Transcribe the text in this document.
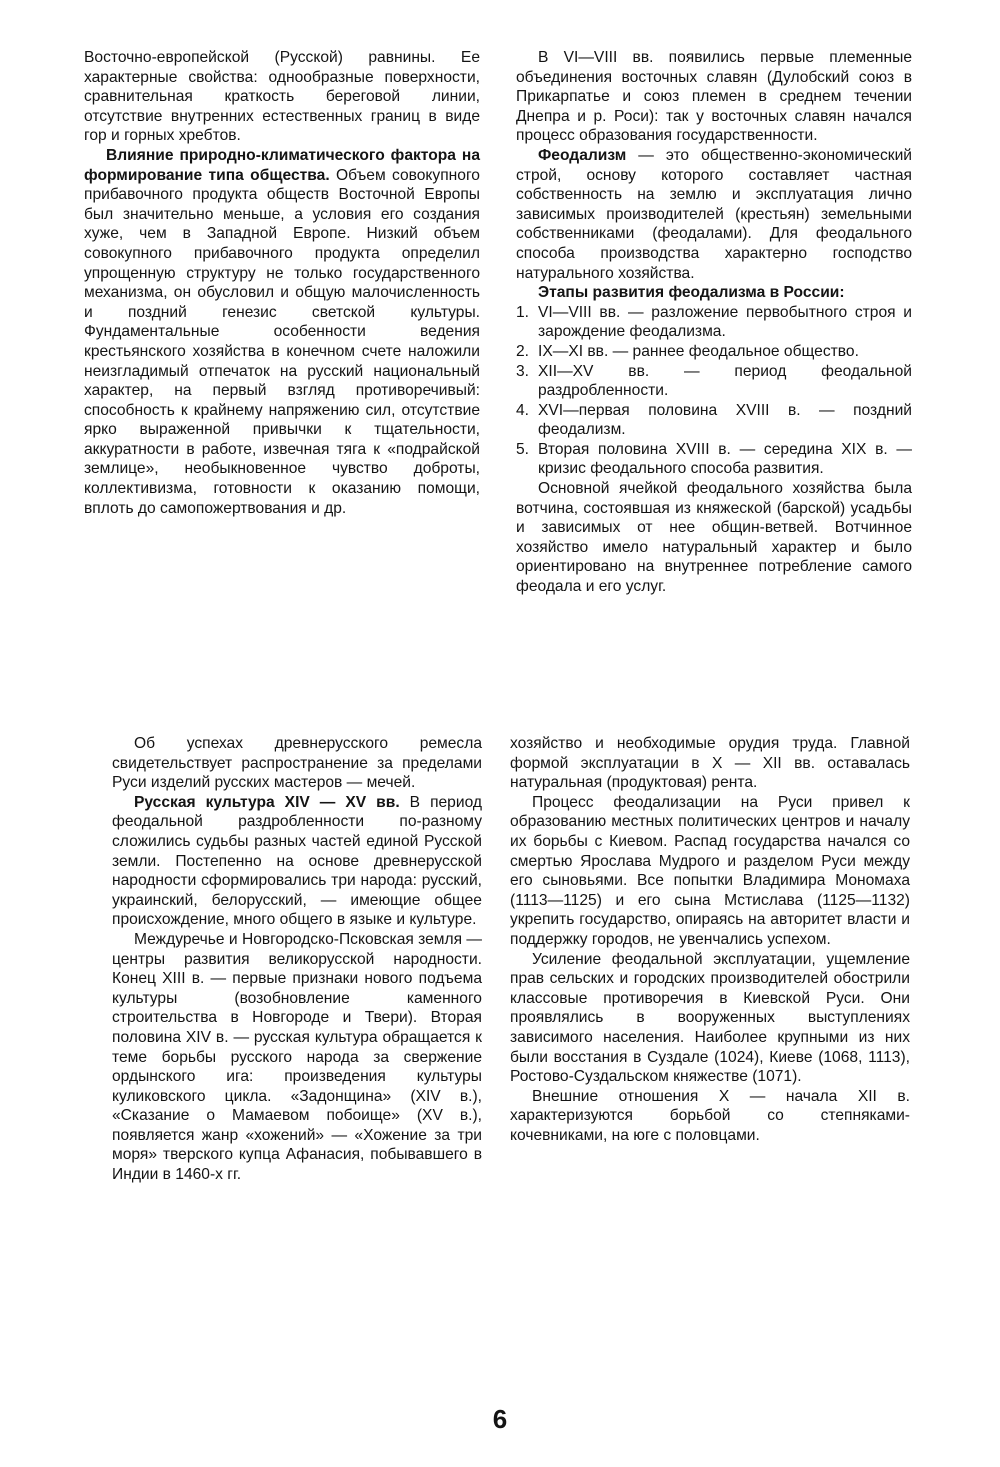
Восточно-европейской (Русской) равнины. Ее характерные свойства: однообразные поверхности, сравнительная краткость береговой линии, отсутствие внутренних естественных границ в виде гор и горных хребтов.

Влияние природно-климатического фактора на формирование типа общества. Объем совокупного прибавочного продукта обществ Восточной Европы был значительно меньше, а условия его создания хуже, чем в Западной Европе. Низкий объем совокупного прибавочного продукта определил упрощенную структуру не только государственного механизма, он обусловил и общую малочисленность и поздний генезис светской культуры. Фундаментальные особенности ведения крестьянского хозяйства в конечном счете наложили неизгладимый отпечаток на русский национальный характер, на первый взгляд противоречивый: способность к крайнему напряжению сил, отсутствие ярко выраженной привычки к тщательности, аккуратности в работе, извечная тяга к «подрайской землице», необыкновенное чувство доброты, коллективизма, готовности к оказанию помощи, вплоть до самопожертвования и др.

В VI—VIII вв. появились первые племенные объединения восточных славян (Дулобский союз в Прикарпатье и союз племен в среднем течении Днепра и р. Роси): так у восточных славян начался процесс образования государственности.

Феодализм — это общественно-экономический строй, основу которого составляет частная собственность на землю и эксплуатация лично зависимых производителей (крестьян) земельными собственниками (феодалами). Для феодального способа производства характерно господство натурального хозяйства.

Этапы развития феодализма в России:

1. VI—VIII вв. — разложение первобытного строя и зарождение феодализма.
2. IX—XI вв. — раннее феодальное общество.
3. XII—XV вв. — период феодальной раздробленности.
4. XVI—первая половина XVIII в. — поздний феодализм.
5. Вторая половина XVIII в. — середина XIX в. — кризис феодального способа развития.

Основной ячейкой феодального хозяйства была вотчина, состоявшая из княжеской (барской) усадьбы и зависимых от нее общин-ветвей. Вотчинное хозяйство имело натуральный характер и было ориентировано на внутреннее потребление самого феодала и его услуг.

Об успехах древнерусского ремесла свидетельствует распространение за пределами Руси изделий русских мастеров — мечей.

Русская культура XIV — XV вв. В период феодальной раздробленности по-разному сложились судьбы разных частей единой Русской земли. Постепенно на основе древнерусской народности сформировались три народа: русский, украинский, белорусский, — имеющие общее происхождение, много общего в языке и культуре.

Междуречье и Новгородско-Псковская земля — центры развития великорусской народности. Конец XIII в. — первые признаки нового подъема культуры (возобновление каменного строительства в Новгороде и Твери). Вторая половина XIV в. — русская культура обращается к теме борьбы русского народа за свержение ордынского ига: произведения культуры куликовского цикла. «Задонщина» (XIV в.), «Сказание о Мамаевом побоище» (XV в.), появляется жанр «хожений» — «Хожение за три моря» тверского купца Афанасия, побывавшего в Индии в 1460-х гг.

хозяйство и необходимые орудия труда. Главной формой эксплуатации в X — XII вв. оставалась натуральная (продуктовая) рента.

Процесс феодализации на Руси привел к образованию местных политических центров и началу их борьбы с Киевом. Распад государства начался со смертью Ярослава Мудрого и разделом Руси между его сыновьями. Все попытки Владимира Мономаха (1113—1125) и его сына Мстислава (1125—1132) укрепить государство, опираясь на авторитет власти и поддержку городов, не увенчались успехом.

Усиление феодальной эксплуатации, ущемление прав сельских и городских производителей обострили классовые противоречия в Киевской Руси. Они проявлялись в вооруженных выступлениях зависимого населения. Наиболее крупными из них были восстания в Суздале (1024), Киеве (1068, 1113), Ростово-Суздальском княжестве (1071).

Внешние отношения X — начала XII в. характеризуются борьбой со степняками-кочевниками, на юге с половцами.

6
